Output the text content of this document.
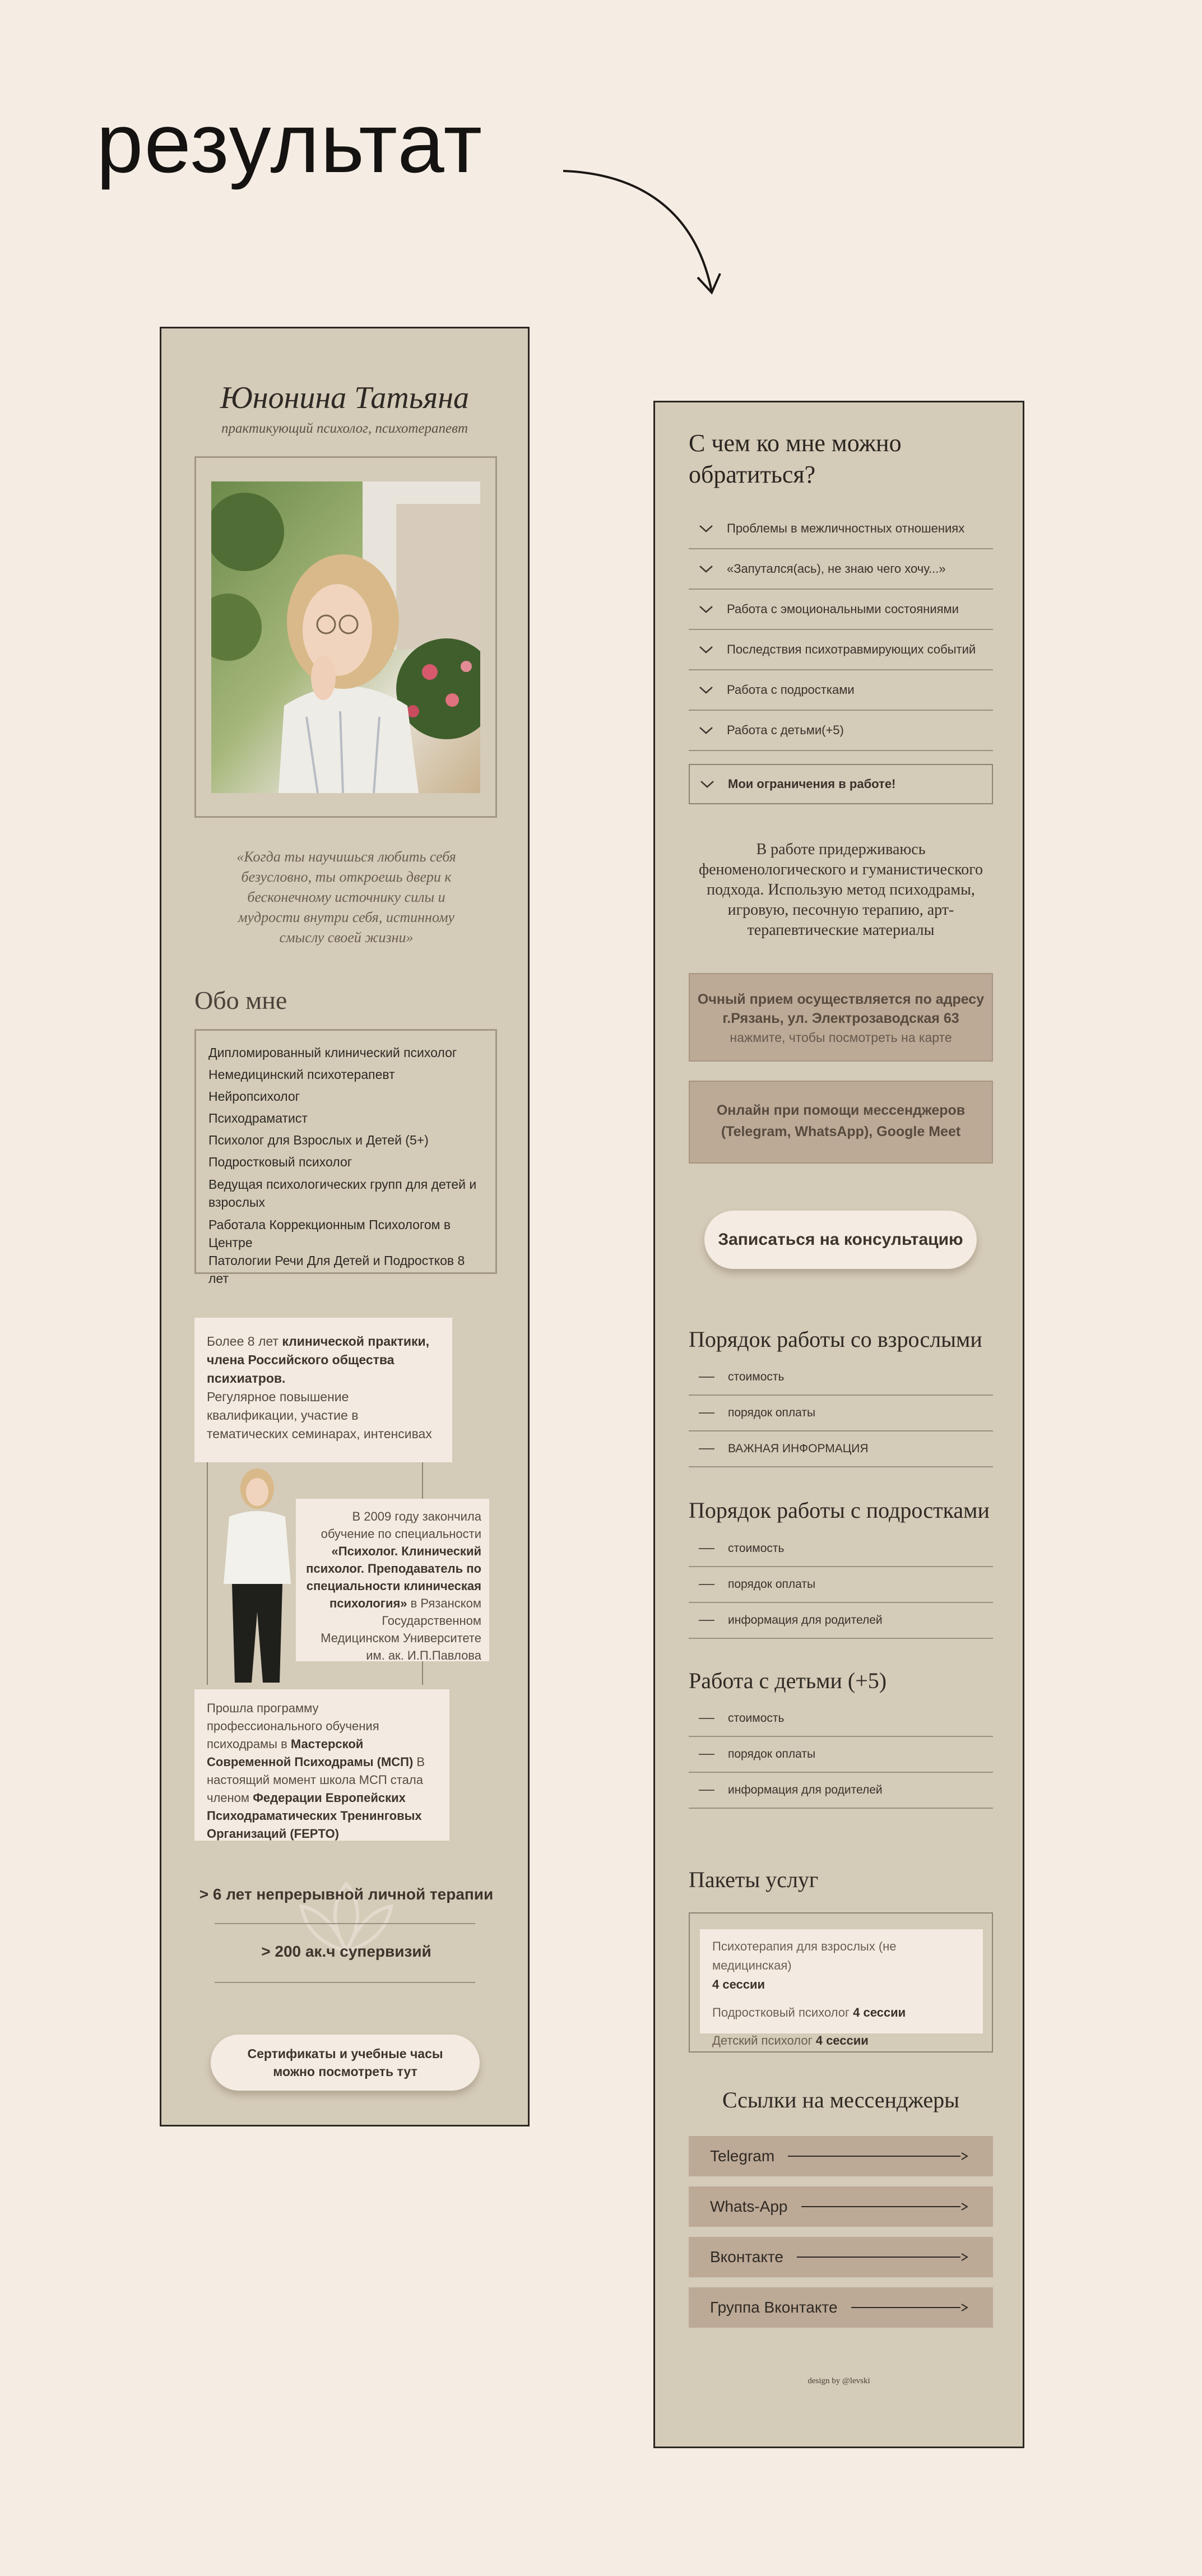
результат
Юнонина Татьяна
практикующий психолог, психотерапевт
«Когда ты научишься любить себя безусловно, ты откроешь двери к бесконечному источнику силы и мудрости внутри себя, истинному смыслу своей жизни»
Обо мне
Дипломированный клинический психолог
Немедицинский психотерапевт
Нейропсихолог
Психодраматист
Психолог для Взрослых и Детей (5+)
Подростковый психолог
Ведущая психологических групп для детей и
взрослых
Работала Коррекционным Психологом в Центре
Патологии Речи Для Детей и Подростков 8 лет
Более 8 лет клинической практики, члена Российского общества психиатров.
Регулярное повышение квалификации, участие в тематических семинарах, интенсивах
В 2009 году закончила обучение по специальности «Психолог. Клинический психолог. Преподаватель по специальности клиническая психология» в Рязанском Государственном Медицинском Университете им. ак. И.П.Павлова
Прошла программу профессионального обучения психодрамы в Мастерской Современной Психодрамы (МСП) В настоящий момент школа МСП стала членом Федерации Европейских Психодраматических Тренинговых Организаций (FEPTO)
> 6 лет непрерывной личной терапии
> 200 ак.ч супервизий
Сертификаты и учебные часы можно посмотреть тут
С чем ко мне можно обратиться?
Проблемы в межличностных отношениях
«Запутался(ась), не знаю чего хочу...»
Работа с эмоциональными состояниями
Последствия психотравмирующих событий
Работа с подростками
Работа с детьми(+5)
Мои ограничения в работе!
В работе придерживаюсь феноменологического и гуманистического подхода. Использую метод психодрамы, игровую, песочную терапию, арт-терапевтические материалы
Очный прием осуществляется по адресу
г.Рязань, ул. Электрозаводская 63
нажмите, чтобы посмотреть на карте
Онлайн при помощи мессенджеров (Telegram, WhatsApp), Google Meet
Записаться на консультацию
Порядок работы со взрослыми
стоимость
порядок оплаты
ВАЖНАЯ ИНФОРМАЦИЯ
Порядок работы с подростками
стоимость
порядок оплаты
информация для родителей
Работа с детьми (+5)
стоимость
порядок оплаты
информация для родителей
Пакеты услуг
Психотерапия для взрослых (не медицинская)
4 сессии
Подростковый психолог 4 сессии
Детский психолог 4 сессии
Ссылки на мессенджеры
Telegram
Whats-App
Вконтакте
Группа Вконтакте
design by @levski
